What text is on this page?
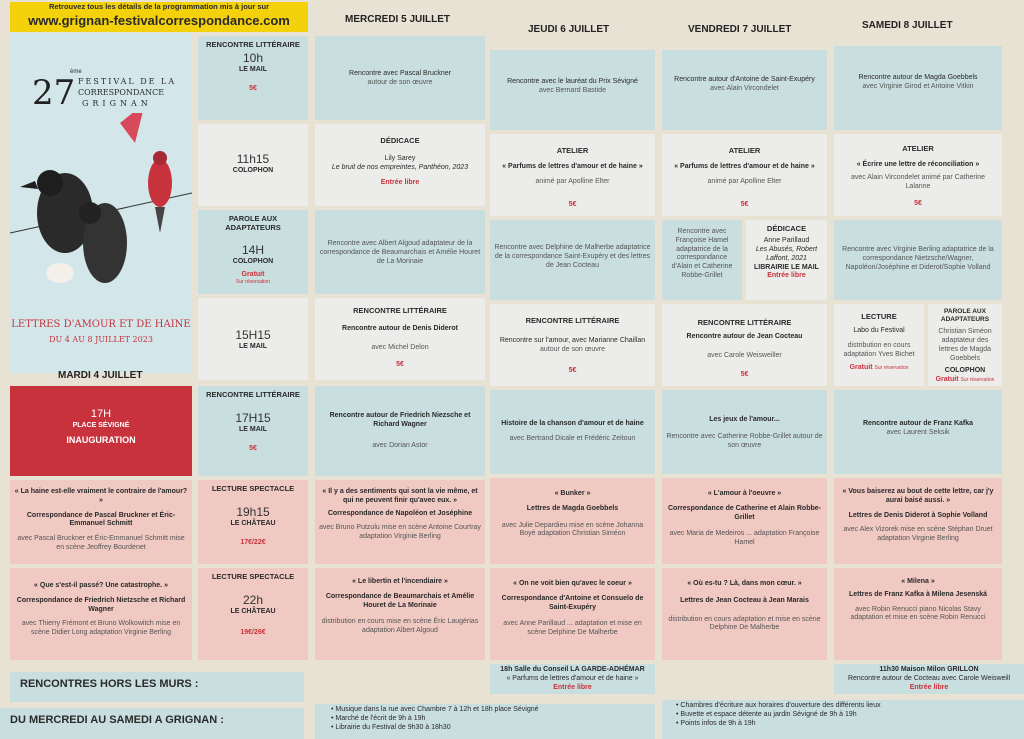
Retrouvez tous les détails de la programmation mis à jour sur
www.grignan-festivalcorrespondance.com
27
ème
FESTIVAL DE LA
CORRESPONDANCE
GRIGNAN
LETTRES D'AMOUR ET DE HAINE
DU 4 AU 8 JUILLET 2023
MARDI 4 JUILLET
MERCREDI 5 JUILLET
JEUDI 6 JUILLET	VENDREDI 7 JUILLET	SAMEDI 8 JUILLET
17H
PLACE SÉVIGNÉ
INAUGURATION
« La haine est-elle vraiment le contraire de l'amour? »
Correspondance de Pascal Bruckner et Éric-Emmanuel Schmitt
avec Pascal Bruckner et Éric-Emmanuel Schmitt mise en scène Jeoffrey Bourdenet
« Que s'est-il passé? Une catastrophe. »
Correspondance de Friedrich Nietzsche et Richard Wagner
avec Thierry Frémont et Bruno Wolkowitch mise en scène Didier Long adaptation Virginie Berling
RENCONTRE LITTÉRAIRE
10h
LE MAIL
5€
11h15
COLOPHON
PAROLE AUX ADAPTATEURS
14H
COLOPHON
Gratuit
Sur réservation
15H15
LE MAIL
RENCONTRE LITTÉRAIRE
17H15
LE MAIL
5€
LECTURE SPECTACLE
19h15
LE CHÂTEAU
17€/22€
LECTURE SPECTACLE
22h
LE CHÂTEAU
19€/26€
Rencontre avec Pascal Bruckner
autour de son œuvre
DÉDICACE
Lily Sarey
Le bruit de nos empreintes, Panthéon, 2023
Entrée libre
Rencontre avec Albert Algoud adaptateur de la correspondance de Beaumarchais et Amélie Houret de La Morinaie
RENCONTRE LITTÉRAIRE
Rencontre autour de Denis Diderot
avec Michel Delon
5€
Rencontre autour de Friedrich Niezsche et Richard Wagner
avec Dorian Astor
« Il y a des sentiments qui sont la vie même, et qui ne peuvent finir qu'avec eux. »
Correspondance de Napoléon et Joséphine
avec Bruno Putzulu mise en scène Antoine Courtray adaptation Virginie Berling
« Le libertin et l'incendiaire »
Correspondance de Beaumarchais et Amélie Houret de La Morinaie
distribution en cours mise en scène Éric Laugérias adaptation Albert Algoud
Rencontre avec le lauréat du Prix Sévigné
avec Bernard Bastide
ATELIER
« Parfums de lettres d'amour et de haine »
animé par Apolline Elter
5€
Rencontre avec Delphine de Malherbe adaptatrice de la correspondance Saint-Exupéry et des lettres de Jean Cocteau
RENCONTRE LITTÉRAIRE
Rencontre sur l'amour, avec Marianne Chaillan
autour de son œuvre
5€
Histoire de la chanson d'amour et de haine
avec Bertrand Dicale et Frédéric Zeitoun
« Bunker »
Lettres de Magda Goebbels
avec Julie Depardieu mise en scène Johanna Boyé adaptation Christian Siméon
« On ne voit bien qu'avec le coeur »
Correspondance d'Antoine et Consuelo de Saint-Exupéry
avec Anne Parillaud ... adaptation et mise en scène Delphine De Malherbe
Rencontre autour d'Antoine de Saint-Exupéry
avec Alain Vircondelet
ATELIER
« Parfums de lettres d'amour et de haine »
animé par Apolline Elter
5€
Rencontre avec Françoise Hamel adaptatrice de la correspondance d'Alain et Catherine Robbe-Grillet
DÉDICACE
Anne Parillaud
Les Abusés, Robert Laffont, 2021
LIBRAIRIE LE MAIL
Entrée libre
RENCONTRE LITTÉRAIRE
Rencontre autour de Jean Cocteau
avec Carole Weisweiller
5€
Les jeux de l'amour...
Rencontre avec Catherine Robbe-Grillet autour de son œuvre
« L'amour à l'oeuvre »
Correspondance de Catherine et Alain Robbe-Grillet
avec Maria de Medeiros ... adaptation Françoise Hamel
« Où es-tu ? Là, dans mon cœur. »
Lettres de Jean Cocteau à Jean Marais
distribution en cours adaptation et mise en scène Delphine De Malherbe
Rencontre autour de Magda Goebbels
avec Virginie Girod et Antoine Vitkin
ATELIER
« Écrire une lettre de réconciliation »
avec Alain Vircondelet animé par Catherine Lalanne
5€
Rencontre avec Virginie Berling adaptatrice de la correspondance Nietzsche/Wagner, Napoléon/Joséphine et Diderot/Sophie Volland
LECTURE
Labo du Festival
distribution en cours adaptation Yves Bichet
Gratuit Sur réservation
PAROLE AUX ADAPTATEURS
Christian Siméon adaptateur des lettres de Magda Goebbels
COLOPHON
Gratuit Sur réservation
Rencontre autour de Franz Kafka
avec Laurent Seksik
« Vous baiserez au bout de cette lettre, car j'y aurai baisé aussi. »
Lettres de Denis Diderot à Sophie Volland
avec Alex Vizorek mise en scène Stéphan Druet adaptation Virginie Berling
« Milena »
Lettres de Franz Kafka à Milena Jesenská
avec Robin Renucci piano Nicolas Stavy adaptation et mise en scène Robin Renucci
RENCONTRES HORS LES MURS :
18h Salle du Conseil LA GARDE-ADHÉMAR
« Parfums de lettres d'amour et de haine »
Entrée libre
11h30 Maison Milon GRILLON
Rencontre autour de Cocteau avec Carole Weisweill
Entrée libre
DU MERCREDI AU SAMEDI A GRIGNAN :
• Musique dans la rue avec Chambre 7 à 12h et 18h place Sévigné
• Marché de l'écrit de 9h à 19h
• Librairie du Festival de 9h30 à 18h30
• Chambres d'écriture aux horaires d'ouverture des différents lieux
• Buvette et espace détente au jardin Sévigné de 9h à 19h
• Points infos de 9h à 19h
